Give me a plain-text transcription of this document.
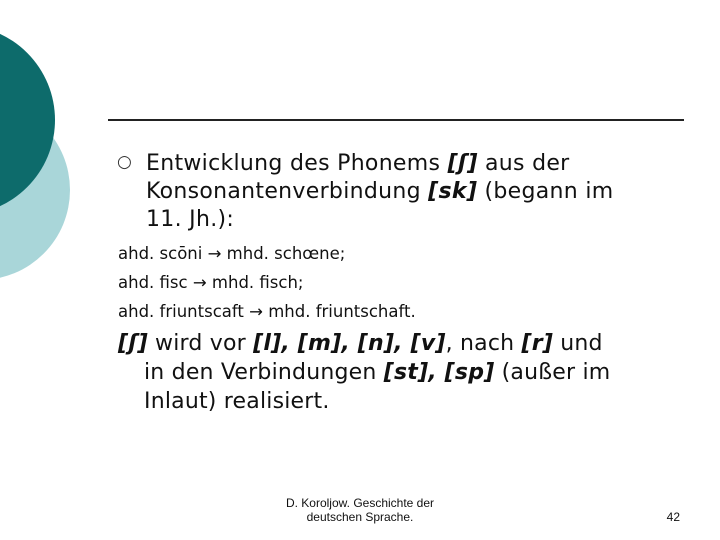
○ Entwicklung des Phonems [ʃ] aus der
Konsonantenverbindung [sk] (begann im
11. Jh.):
ahd. scōni → mhd. schœne;
ahd. fisc → mhd. fisch;
ahd. friuntscaft → mhd. friuntschaft.
[ʃ] wird vor [l], [m], [n], [v], nach [r] und
in den Verbindungen [st], [sp] (außer im
Inlaut) realisiert.
D. Koroljow. Geschichte der
deutschen Sprache.	42
